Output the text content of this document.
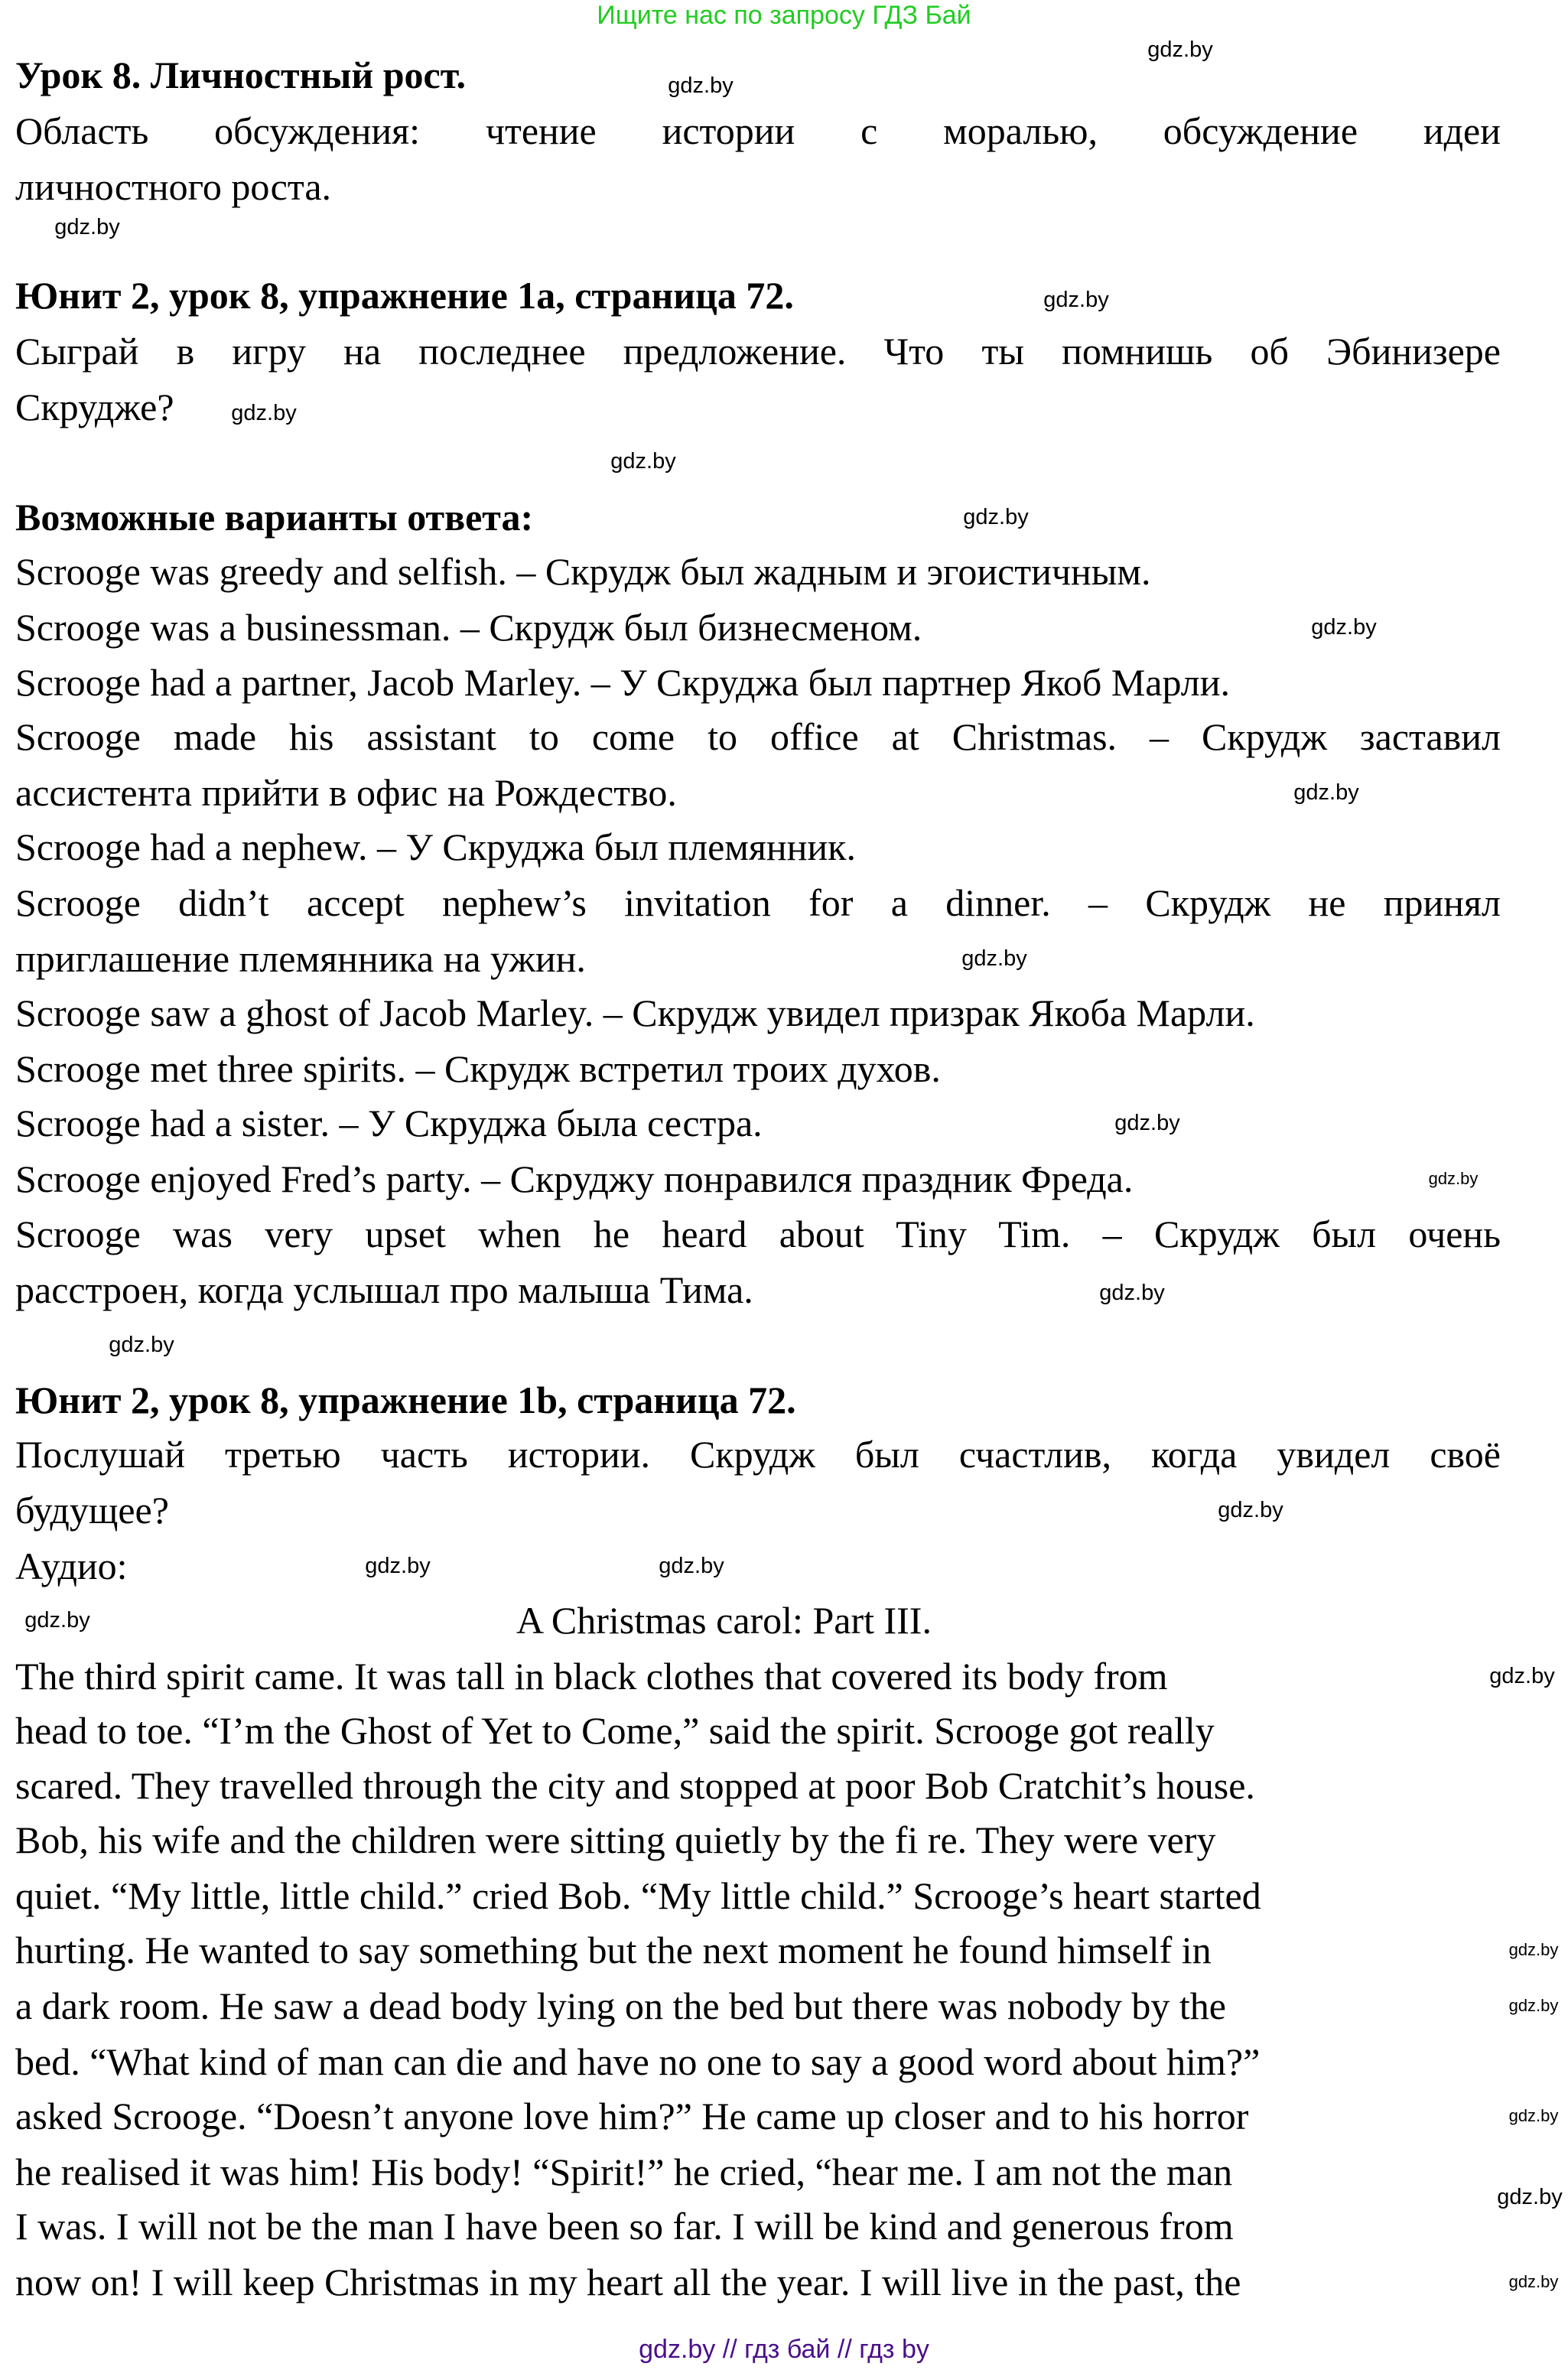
Ищите нас по запросу ГДЗ Бай
Урок 8. Личностный рост.
Область обсуждения: чтение истории с моралью, обсуждение идеи
личностного роста.
Юнит 2, урок 8, упражнение 1a, страница 72.
Сыграй в игру на последнее предложение. Что ты помнишь об Эбинизере
Скрудже?
Возможные варианты ответа:
Scrooge was greedy and selfish. – Скрудж был жадным и эгоистичным.
Scrooge was a businessman. – Скрудж был бизнесменом.
Scrooge had a partner, Jacob Marley. – У Скруджа был партнер Якоб Марли.
Scrooge made his assistant to come to office at Christmas. – Скрудж заставил
ассистента прийти в офис на Рождество.
Scrooge had a nephew. – У Скруджа был племянник.
Scrooge didn’t accept nephew’s invitation for a dinner. – Скрудж не принял
приглашение племянника на ужин.
Scrooge saw a ghost of Jacob Marley. – Скрудж увидел призрак Якоба Марли.
Scrooge met three spirits. – Скрудж встретил троих духов.
Scrooge had a sister. – У Скруджа была сестра.
Scrooge enjoyed Fred’s party. – Скруджу понравился праздник Фреда.
Scrooge was very upset when he heard about Tiny Tim. – Скрудж был очень
расстроен, когда услышал про малыша Тима.
Юнит 2, урок 8, упражнение 1b, страница 72.
Послушай третью часть истории. Скрудж был счастлив, когда увидел своё
будущее?
Аудио:
A Christmas carol: Part III.
The third spirit came. It was tall in black clothes that covered its body from
head to toe. “I’m the Ghost of Yet to Come,” said the spirit. Scrooge got really
scared. They travelled through the city and stopped at poor Bob Cratchit’s house.
Bob, his wife and the children were sitting quietly by the fi re. They were very
quiet. “My little, little child.” cried Bob. “My little child.” Scrooge’s heart started
hurting. He wanted to say something but the next moment he found himself in
a dark room. He saw a dead body lying on the bed but there was nobody by the
bed. “What kind of man can die and have no one to say a good word about him?”
asked Scrooge. “Doesn’t anyone love him?” He came up closer and to his horror
he realised it was him! His body! “Spirit!” he cried, “hear me. I am not the man
I was. I will not be the man I have been so far. I will be kind and generous from
now on! I will keep Christmas in my heart all the year. I will live in the past, the
gdz.by
gdz.by
gdz.by
gdz.by
gdz.by
gdz.by
gdz.by
gdz.by
gdz.by
gdz.by
gdz.by
gdz.by
gdz.by
gdz.by
gdz.by
gdz.by
gdz.by
gdz.by
gdz.by
gdz.by
gdz.by
gdz.by
gdz.by
gdz.by
gdz.by // гдз бай // гдз by
